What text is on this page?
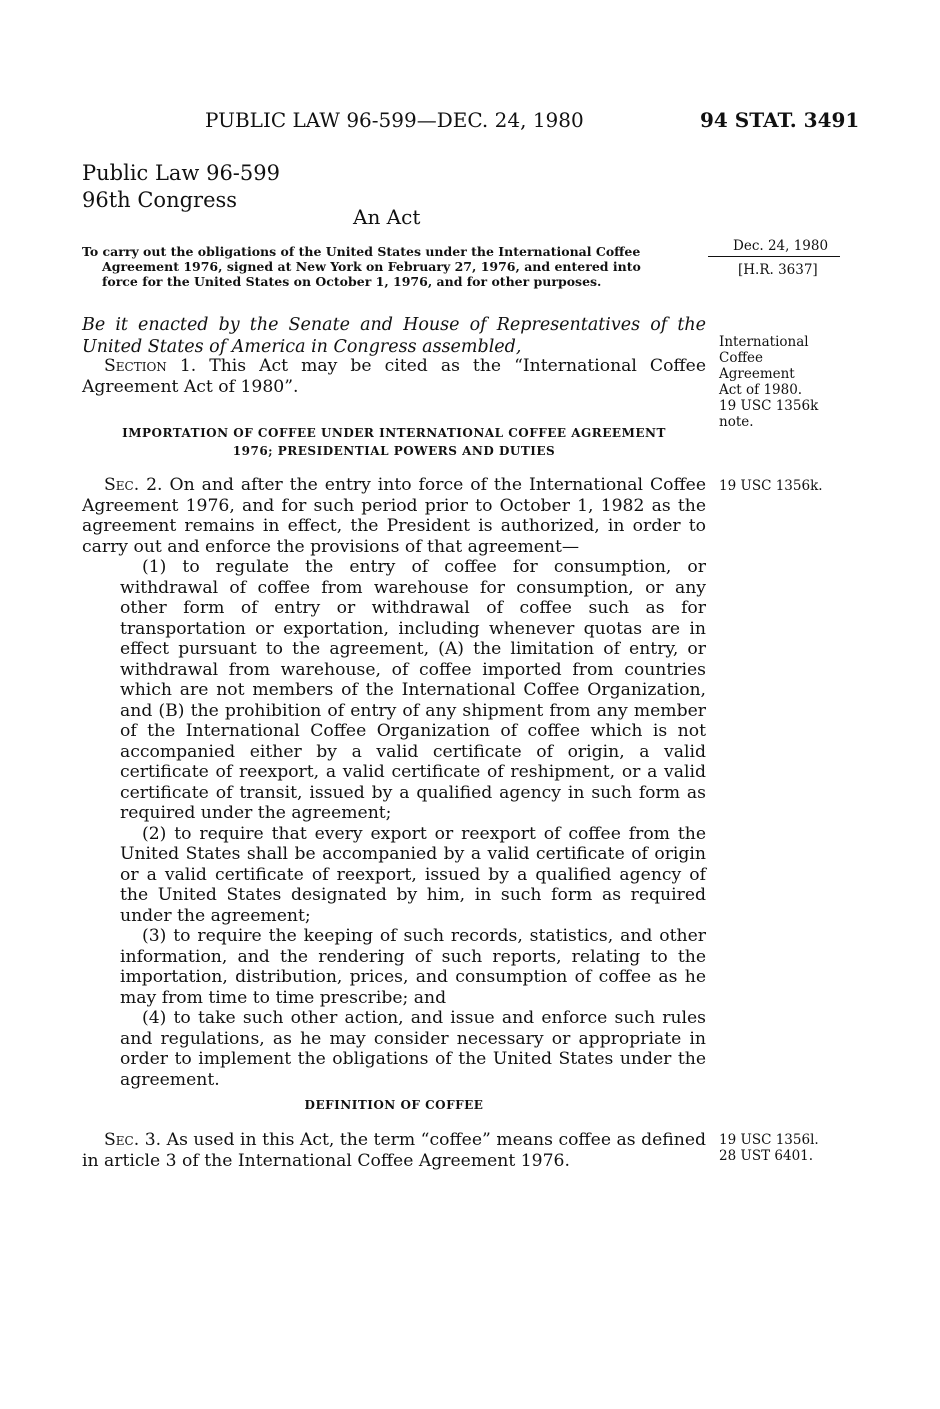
PUBLIC LAW 96-599—DEC. 24, 1980	94 STAT. 3491
Public Law 96-599
96th Congress
An Act
To carry out the obligations of the United States under the International Coffee
Agreement 1976, signed at New York on February 27, 1976, and entered into
force for the United States on October 1, 1976, and for other purposes.

Be it enacted by the Senate and House of Representatives of the United States of America in Congress assembled,

Section 1. This Act may be cited as the “International Coffee Agreement Act of 1980”.

IMPORTATION OF COFFEE UNDER INTERNATIONAL COFFEE AGREEMENT
1976; PRESIDENTIAL POWERS AND DUTIES

Sec. 2. On and after the entry into force of the International Coffee Agreement 1976, and for such period prior to October 1, 1982 as the agreement remains in effect, the President is authorized, in order to carry out and enforce the provisions of that agreement—

(1) to regulate the entry of coffee for consumption, or withdrawal of coffee from warehouse for consumption, or any other form of entry or withdrawal of coffee such as for transportation or exportation, including whenever quotas are in effect pursuant to the agreement, (A) the limitation of entry, or withdrawal from warehouse, of coffee imported from countries which are not members of the International Coffee Organization, and (B) the prohibition of entry of any shipment from any member of the International Coffee Organization of coffee which is not accompanied either by a valid certificate of origin, a valid certificate of reexport, a valid certificate of reshipment, or a valid certificate of transit, issued by a qualified agency in such form as required under the agreement;

(2) to require that every export or reexport of coffee from the United States shall be accompanied by a valid certificate of origin or a valid certificate of reexport, issued by a qualified agency of the United States designated by him, in such form as required under the agreement;

(3) to require the keeping of such records, statistics, and other information, and the rendering of such reports, relating to the importation, distribution, prices, and consumption of coffee as he may from time to time prescribe; and

(4) to take such other action, and issue and enforce such rules and regulations, as he may consider necessary or appropriate in order to implement the obligations of the United States under the agreement.

DEFINITION OF COFFEE

Sec. 3. As used in this Act, the term “coffee” means coffee as defined in article 3 of the International Coffee Agreement 1976.

Dec. 24, 1980
[H.R. 3637]
International
Coffee
Agreement
Act of 1980.
19 USC 1356k
note.
19 USC 1356k.
19 USC 1356l.
28 UST 6401.
